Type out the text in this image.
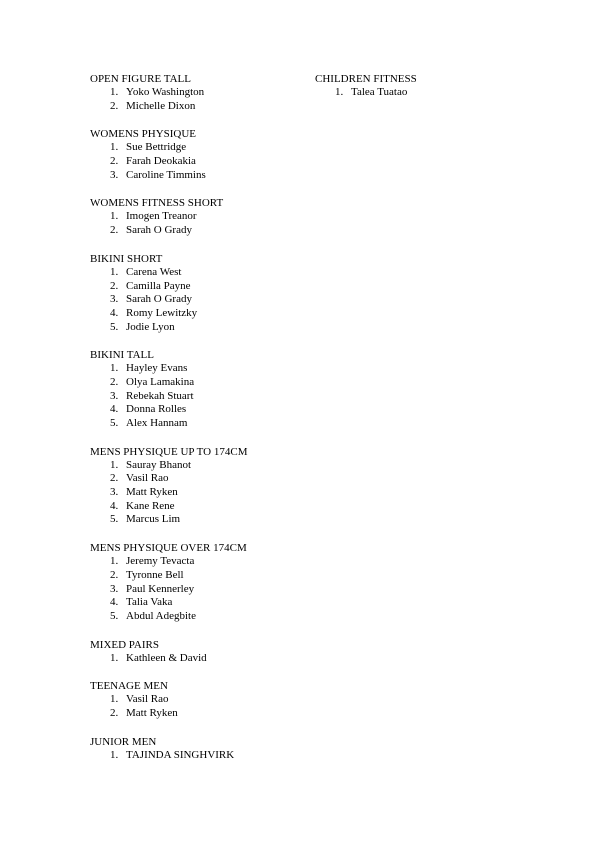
OPEN FIGURE TALL
1. Yoko Washington
2. Michelle Dixon
WOMENS PHYSIQUE
1. Sue Bettridge
2. Farah Deokakia
3. Caroline Timmins
WOMENS FITNESS SHORT
1. Imogen Treanor
2. Sarah O Grady
BIKINI SHORT
1. Carena West
2. Camilla Payne
3. Sarah O Grady
4. Romy Lewitzky
5. Jodie Lyon
BIKINI TALL
1. Hayley Evans
2. Olya Lamakina
3. Rebekah Stuart
4. Donna Rolles
5. Alex Hannam
MENS PHYSIQUE UP TO 174CM
1. Sauray Bhanot
2. Vasil Rao
3. Matt Ryken
4. Kane Rene
5. Marcus Lim
MENS PHYSIQUE OVER 174CM
1. Jeremy Tevacta
2. Tyronne Bell
3. Paul Kennerley
4. Talia Vaka
5. Abdul Adegbite
MIXED PAIRS
1. Kathleen & David
TEENAGE MEN
1. Vasil Rao
2. Matt Ryken
JUNIOR MEN
1. TAJINDA SINGHVIRK
CHILDREN FITNESS
1. Talea Tuatao
